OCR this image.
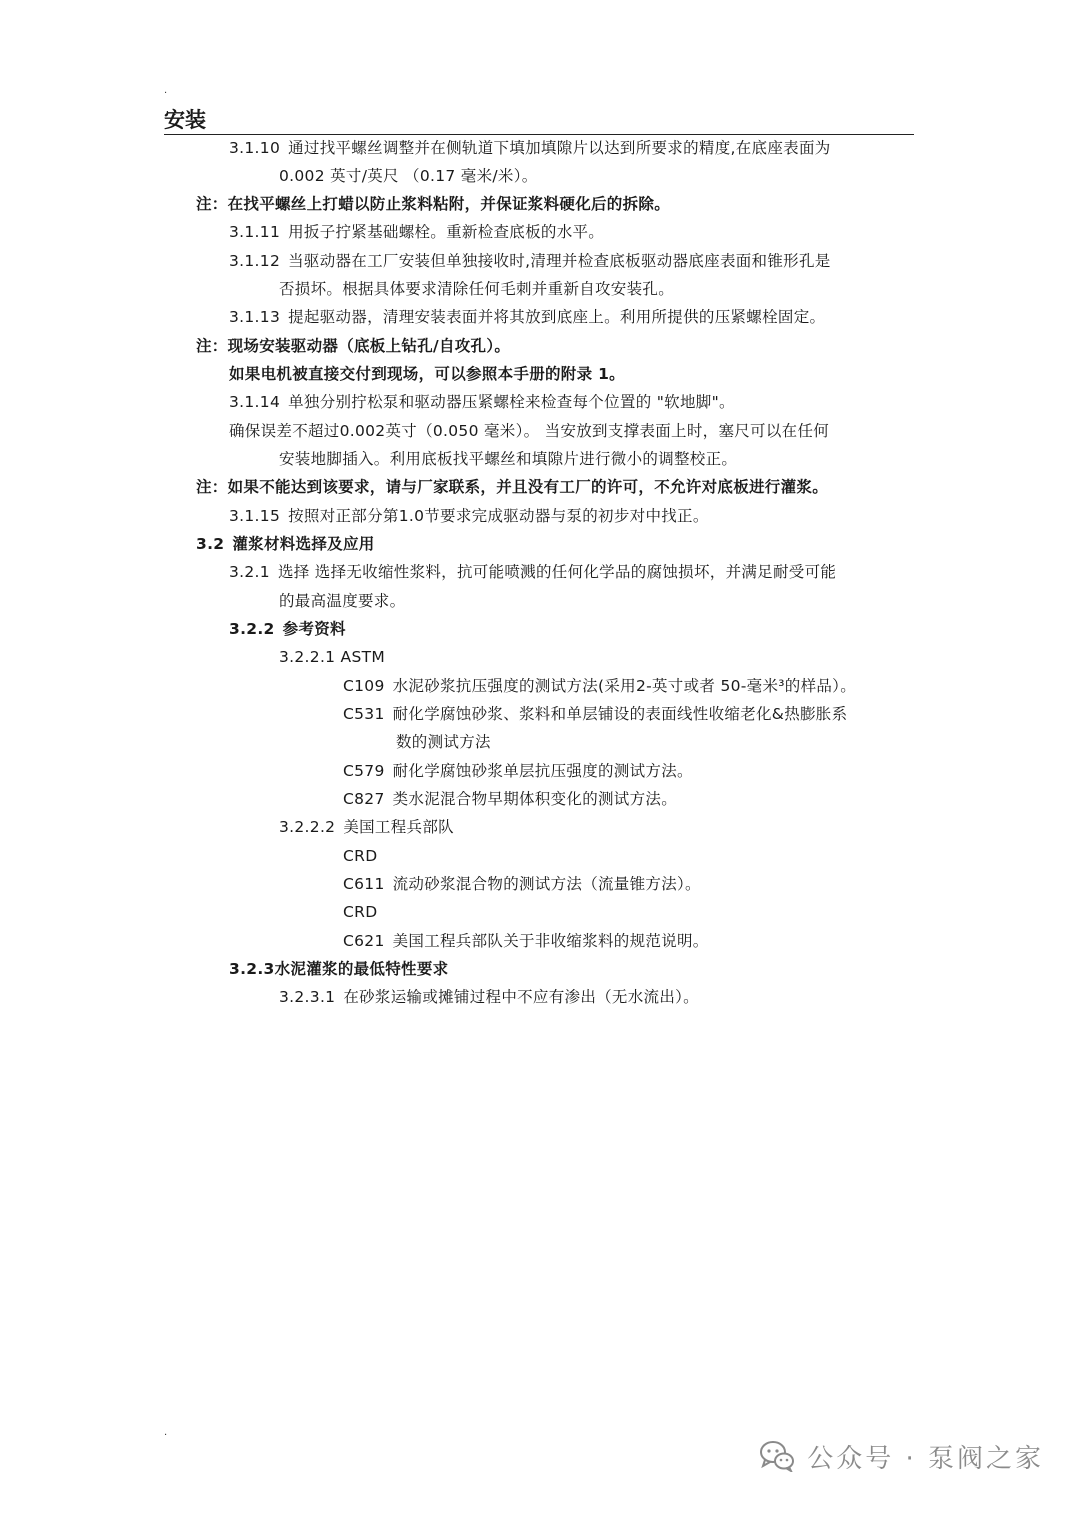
.
安装
3.1.10 通过找平螺丝调整并在侧轨道下填加填隙片以达到所要求的精度,在底座表面为
0.002 英寸/英尺 （0.17 毫米/米）。
注：在找平螺丝上打蜡以防止浆料粘附，并保证浆料硬化后的拆除。
3.1.11 用扳子拧紧基础螺栓。重新检查底板的水平。
3.1.12 当驱动器在工厂安装但单独接收时,清理并检查底板驱动器底座表面和锥形孔是
否损坏。根据具体要求清除任何毛刺并重新自攻安装孔。
3.1.13 提起驱动器，清理安装表面并将其放到底座上。利用所提供的压紧螺栓固定。
注：现场安装驱动器（底板上钻孔/自攻孔）。
如果电机被直接交付到现场，可以参照本手册的附录 1。
3.1.14 单独分别拧松泵和驱动器压紧螺栓来检查每个位置的 "软地脚"。
确保误差不超过0.002英寸（0.050 毫米）。 当安放到支撑表面上时，塞尺可以在任何
安装地脚插入。利用底板找平螺丝和填隙片进行微小的调整校正。
注：如果不能达到该要求，请与厂家联系，并且没有工厂的许可，不允许对底板进行灌浆。
3.1.15 按照对正部分第1.0节要求完成驱动器与泵的初步对中找正。
3.2 灌浆材料选择及应用
3.2.1 选择 选择无收缩性浆料，抗可能喷溅的任何化学品的腐蚀损坏，并满足耐受可能
的最高温度要求。
3.2.2 参考资料
3.2.2.1 ASTM
C109 水泥砂浆抗压强度的测试方法(采用2-英寸或者 50-毫米³的样品）。
C531 耐化学腐蚀砂浆、浆料和单层铺设的表面线性收缩老化&热膨胀系
数的测试方法
C579 耐化学腐蚀砂浆单层抗压强度的测试方法。
C827 类水泥混合物早期体积变化的测试方法。
3.2.2.2 美国工程兵部队
CRD
C611 流动砂浆混合物的测试方法（流量锥方法）。
CRD
C621 美国工程兵部队关于非收缩浆料的规范说明。
3.2.3水泥灌浆的最低特性要求
3.2.3.1 在砂浆运输或摊铺过程中不应有渗出（无水流出）。
.
公众号 · 泵阀之家
